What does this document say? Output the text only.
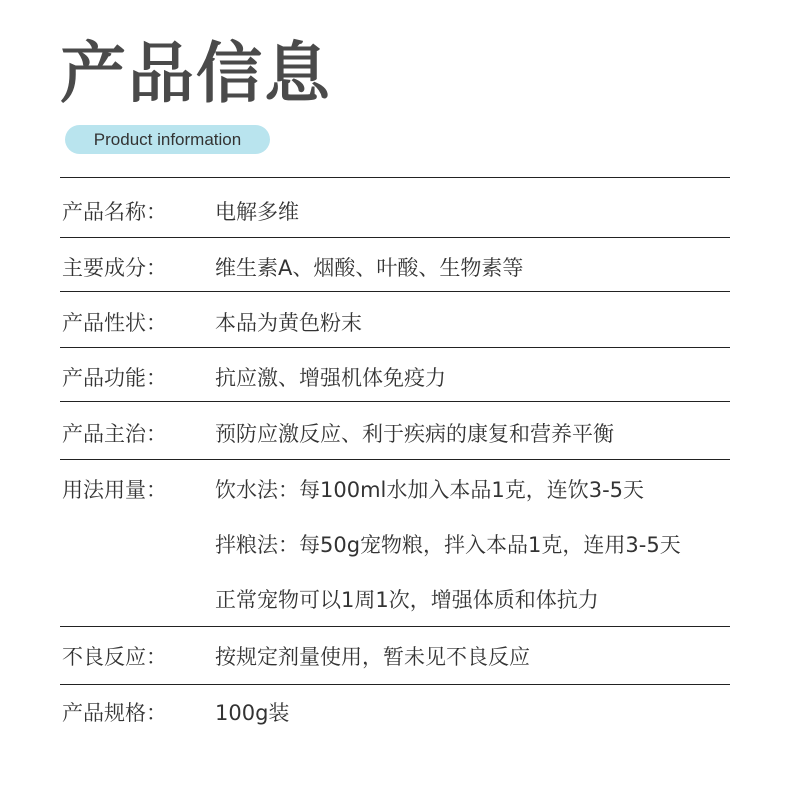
产品信息
Product information
产品名称： 电解多维
主要成分： 维生素A、烟酸、叶酸、生物素等
产品性状： 本品为黄色粉末
产品功能： 抗应激、增强机体免疫力
产品主治： 预防应激反应、利于疾病的康复和营养平衡
用法用量： 饮水法：每100ml水加入本品1克，连饮3-5天
拌粮法：每50g宠物粮，拌入本品1克，连用3-5天
正常宠物可以1周1次，增强体质和体抗力
不良反应： 按规定剂量使用，暂未见不良反应
产品规格： 100g装
